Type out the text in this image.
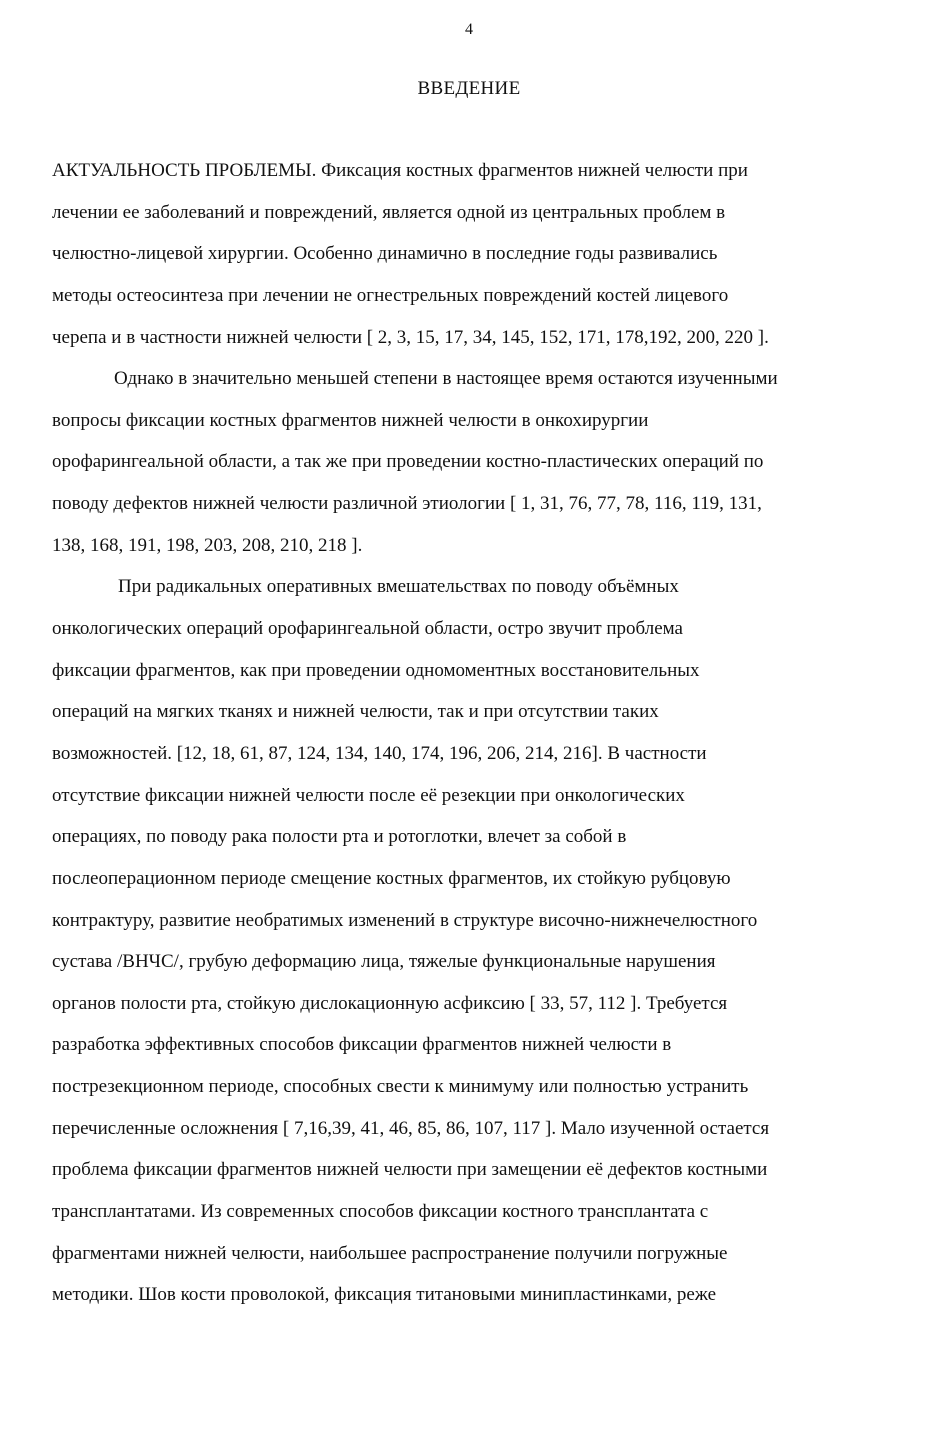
4
ВВЕДЕНИЕ
АКТУАЛЬНОСТЬ ПРОБЛЕМЫ. Фиксация костных фрагментов нижней челюсти при
лечении ее заболеваний и повреждений, является одной из центральных проблем в
челюстно-лицевой хирургии. Особенно динамично в последние годы развивались
методы остеосинтеза при лечении не огнестрельных повреждений костей лицевого
черепа и в частности нижней челюсти [ 2, 3, 15, 17, 34, 145, 152, 171, 178,192, 200, 220 ].
Однако в значительно меньшей степени в настоящее время остаются изученными
вопросы фиксации костных фрагментов нижней челюсти в онкохирургии
орофарингеальной области, а так же при проведении костно-пластических операций по
поводу дефектов нижней челюсти различной этиологии [ 1, 31, 76, 77, 78, 116, 119, 131,
138, 168, 191, 198, 203, 208, 210, 218 ].
При радикальных оперативных вмешательствах по поводу объёмных
онкологических операций орофарингеальной области, остро звучит проблема
фиксации фрагментов, как при проведении одномоментных восстановительных
операций на мягких тканях и нижней челюсти, так и при отсутствии таких
возможностей. [12, 18, 61, 87, 124, 134, 140, 174, 196, 206, 214, 216]. В частности
отсутствие фиксации нижней челюсти после её резекции при онкологических
операциях, по поводу рака полости рта и ротоглотки, влечет за собой в
послеоперационном периоде смещение костных фрагментов, их стойкую рубцовую
контрактуру, развитие необратимых изменений в структуре височно-нижнечелюстного
сустава /ВНЧС/, грубую деформацию лица, тяжелые функциональные нарушения
органов полости рта, стойкую дислокационную асфиксию [ 33, 57, 112 ]. Требуется
разработка эффективных способов фиксации фрагментов нижней челюсти в
пострезекционном периоде, способных свести к минимуму или полностью устранить
перечисленные осложнения [ 7,16,39, 41, 46, 85, 86, 107, 117 ]. Мало изученной остается
проблема фиксации фрагментов нижней челюсти при замещении её дефектов костными
трансплантатами. Из современных способов фиксации костного трансплантата с
фрагментами нижней челюсти, наибольшее распространение получили погружные
методики. Шов кости проволокой, фиксация титановыми минипластинками, реже
